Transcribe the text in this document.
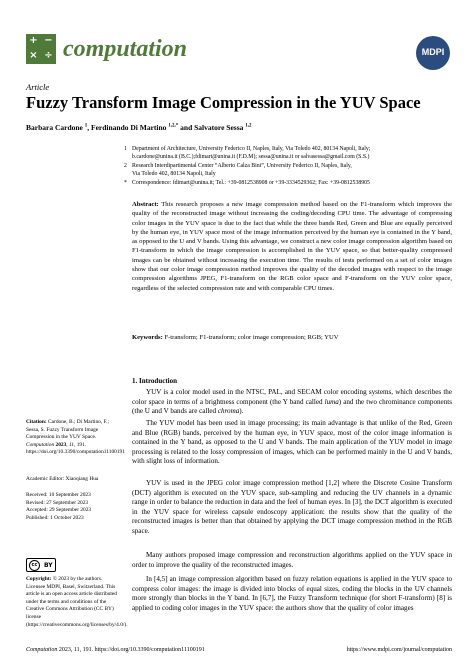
+ −
× ÷ computation	MDPI
Article
Fuzzy Transform Image Compression in the YUV Space
Barbara Cardone $^1$, Ferdinando Di Martino $^{1,2,*}$ and Salvatore Sessa $^{1,2}$
1 Department of Architecture, University Federico II, Naples, Italy, Via Toledo 402, 80134 Napoli, Italy;
b.cardone@unina.it (B.C.);fdimart@unina.it (F.D.M); sessa@unina.it or salvasessa@gmail.com (S.S.)
2 Research Interdipartimental Center “Alberto Calza Bini”, University Federico II, Naples, Italy,
Via Toledo 402, 80134 Napoli, Italy
* Correspondence: fdimart@unina.it; Tel.: +39-0812538908 or +39-3334529362; Fax: +39-0812538905
Abstract: This research proposes a new image compression method based on the F1-transform which improves the quality of the reconstructed image without increasing the coding/decoding CPU time. The advantage of compressing color images in the YUV space is due to the fact that while the three bands Red, Green and Blue are equally perceived by the human eye, in YUV space most of the image information perceived by the human eye is contained in the Y band, as opposed to the U and V bands. Using this advantage, we construct a new color image compression algorithm based on F1-transform in which the image compression is accomplished in the YUV space, so that better-quality compressed images can be obtained without increasing the execution time. The results of tests performed on a set of color images show that our color image compression method improves the quality of the decoded images with respect to the image compression algorithms JPEG, F1-transform on the RGB color space and F-transform on the YUV color space, regardless of the selected compression rate and with comparable CPU times.
Keywords: F-transform; F1-transform; color image compression; RGB; YUV
1. Introduction
YUV is a color model used in the NTSC, PAL, and SECAM color encoding systems, which describes the color space in terms of a brightness component (the Y band called luma) and the two chrominance components (the U and V bands are called chroma).
The YUV model has been used in image processing; its main advantage is that unlike of the Red, Green and Blue (RGB) bands, perceived by the human eye, in YUV space, most of the color image information is contained in the Y band, as opposed to the U and V bands. The main application of the YUV model in image processing is related to the lossy compression of images, which can be performed mainly in the U and V bands, with slight loss of information.
YUV is used in the JPEG color image compression method [1,2] where the Discrete Cosine Transform (DCT) algorithm is executed on the YUV space, sub-sampling and reducing the UV channels in a dynamic range in order to balance the reduction in data and the feel of human eyes. In [3], the DCT algorithm is executed in the YUV space for wireless capsule endoscopy application: the results show that the quality of the reconstructed images is better than that obtained by applying the DCT image compression method in the RGB space.
Many authors proposed image compression and reconstruction algorithms applied on the YUV space in order to improve the quality of the reconstructed images.
In [4,5] an image compression algorithm based on fuzzy relation equations is applied in the YUV space to compress color images: the image is divided into blocks of equal sizes, coding the blocks in the UV channels more strongly than blocks in the Y band. In [6,7], the Fuzzy Transform technique (for short F-transform) [8] is applied to coding color images in the YUV space: the authors show that the quality of color images
Citation: Cardone, B.; Di Martino, F.; Sessa, S. Fuzzy Transform Image Compression in the YUV Space. Computation 2023, 11, 191. https://doi.org/10.3390/computation11100191
Academic Editor: Xiaoqiang Hua
Received: 10 September 2023
Revised: 27 September 2023
Accepted: 29 September 2023
Published: 1 October 2023
cc	BY
Copyright: © 2023 by the authors. Licensee MDPI, Basel, Switzerland. This article is an open access article distributed under the terms and conditions of the Creative Commons Attribution (CC BY) license (https://creativecommons.org/licenses/by/4.0/).
Computation 2023, 11, 191. https://doi.org/10.3390/computation11100191	https://www.mdpi.com/journal/computation
